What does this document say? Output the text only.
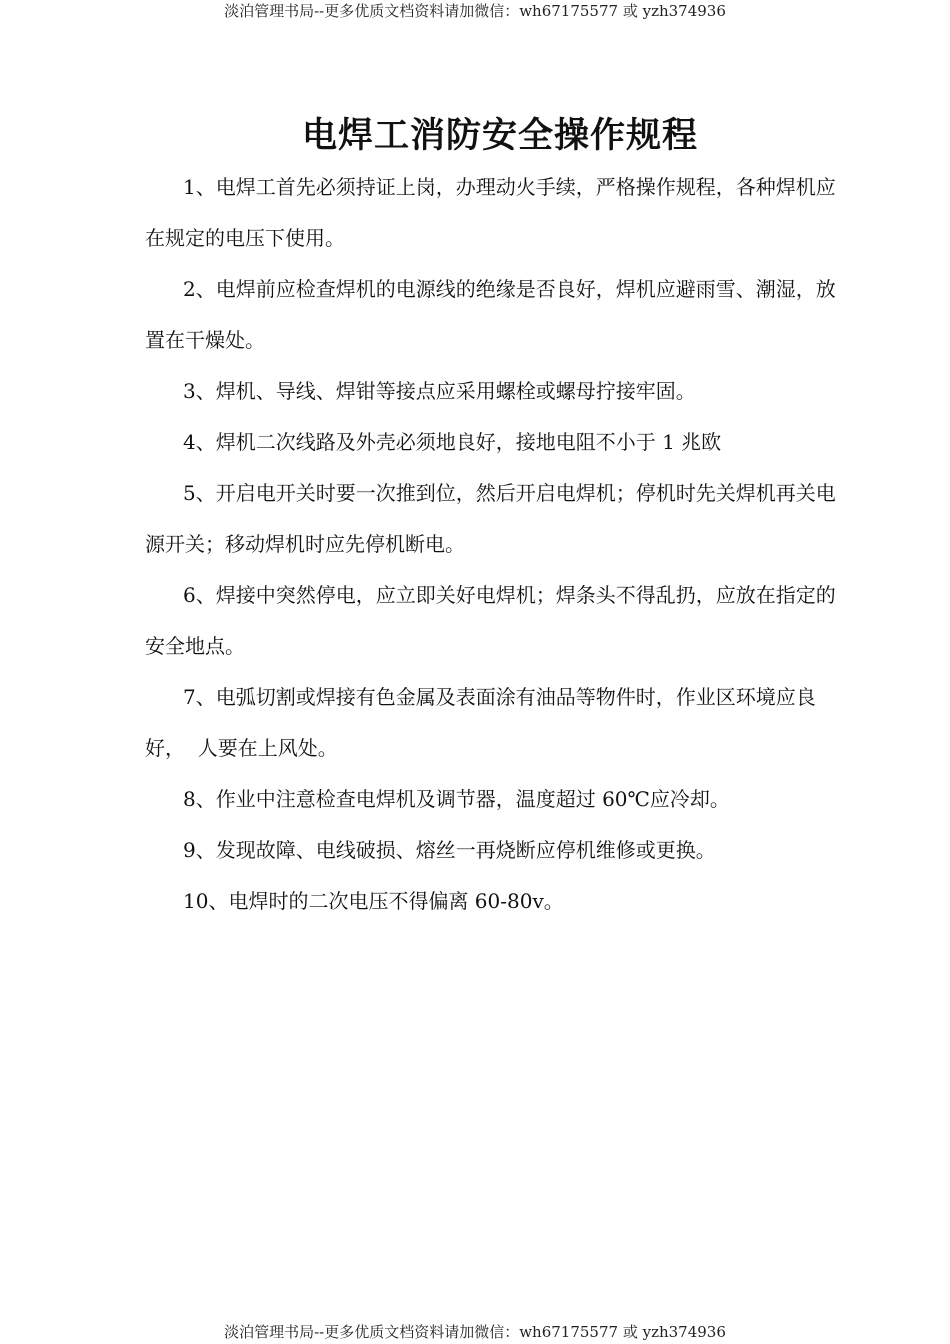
淡泊管理书局--更多优质文档资料请加微信：wh67175577 或 yzh374936
电焊工消防安全操作规程

1、电焊工首先必须持证上岗，办理动火手续，严格操作规程，各种焊机应 在规定的电压下使用。

2、电焊前应检查焊机的电源线的绝缘是否良好，焊机应避雨雪、潮湿，放 置在干燥处。

3、焊机、导线、焊钳等接点应采用螺栓或螺母拧接牢固。

4、焊机二次线路及外壳必须地良好，接地电阻不小于 1 兆欧

5、开启电开关时要一次推到位，然后开启电焊机；停机时先关焊机再关电 源开关；移动焊机时应先停机断电。

6、焊接中突然停电，应立即关好电焊机；焊条头不得乱扔，应放在指定的 安全地点。

7、电弧切割或焊接有色金属及表面涂有油品等物件时，作业区环境应良好，  人要在上风处。

8、作业中注意检查电焊机及调节器，温度超过 60℃应冷却。

9、发现故障、电线破损、熔丝一再烧断应停机维修或更换。

10、电焊时的二次电压不得偏离 60-80v。

淡泊管理书局--更多优质文档资料请加微信：wh67175577 或 yzh374936
